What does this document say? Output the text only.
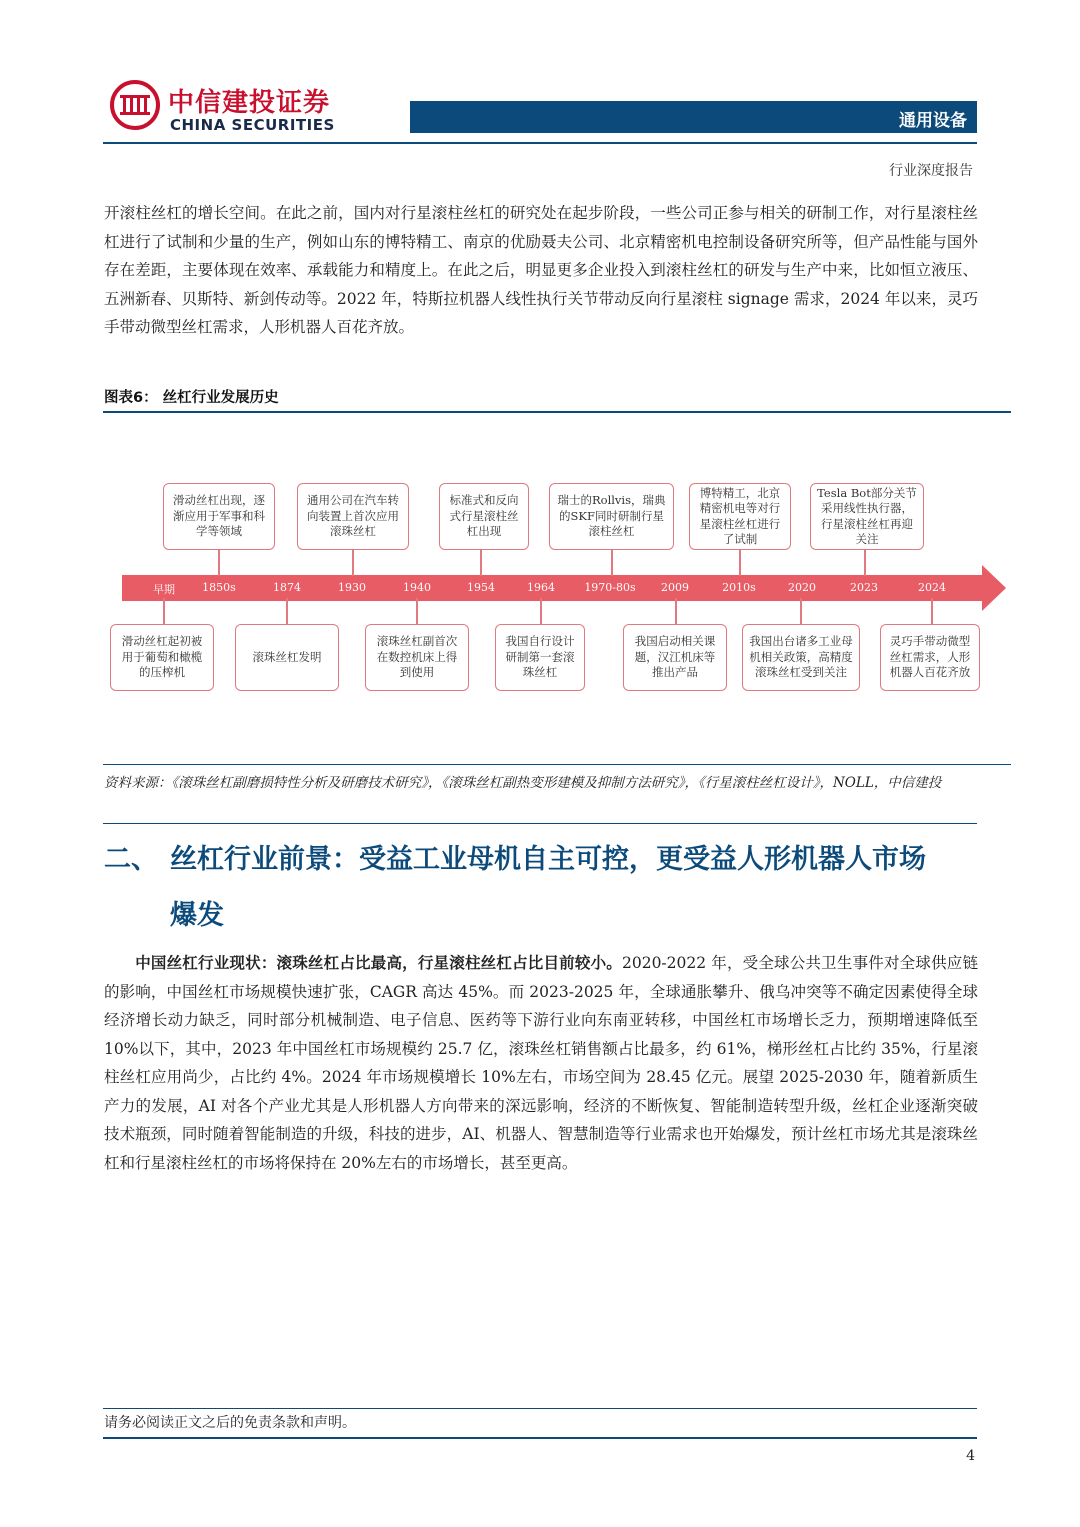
中信建投证券
CHINA SECURITIES	通用设备
行业深度报告
开滚柱丝杠的增长空间。在此之前，国内对行星滚柱丝杠的研究处在起步阶段，一些公司正参与相关的研制工作，对行星滚柱丝杠进行了试制和少量的生产，例如山东的博特精工、南京的优励聂夫公司、北京精密机电控制设备研究所等，但产品性能与国外存在差距，主要体现在效率、承载能力和精度上。在此之后，明显更多企业投入到滚柱丝杠的研发与生产中来，比如恒立液压、五洲新春、贝斯特、新剑传动等。2022 年，特斯拉机器人线性执行关节带动反向行星滚柱 signage 需求，2024 年以来，灵巧手带动微型丝杠需求，人形机器人百花齐放。
图表6： 丝杠行业发展历史
早期	1850s	1874	1930	1940	1954	1964	1970-80s	2009	2010s	2020	2023	2024
滑动丝杠出现，逐渐应用于军事和科学等领域
通用公司在汽车转向装置上首次应用滚珠丝杠
标准式和反向式行星滚柱丝杠出现
瑞士的Rollvis，瑞典的SKF同时研制行星滚柱丝杠
博特精工，北京精密机电等对行星滚柱丝杠进行了试制
Tesla Bot部分关节采用线性执行器，行星滚柱丝杠再迎关注
滑动丝杠起初被用于葡萄和橄榄的压榨机
滚珠丝杠发明
滚珠丝杠副首次在数控机床上得到使用
我国自行设计研制第一套滚珠丝杠
我国启动相关课题，汉江机床等推出产品
我国出台诸多工业母机相关政策，高精度滚珠丝杠受到关注
灵巧手带动微型丝杠需求，人形机器人百花齐放
资料来源：《滚珠丝杠副磨损特性分析及研磨技术研究》，《滚珠丝杠副热变形建模及抑制方法研究》，《行星滚柱丝杠设计》，NOLL，中信建投
二、 丝杠行业前景：受益工业母机自主可控，更受益人形机器人市场
爆发
中国丝杠行业现状：滚珠丝杠占比最高，行星滚柱丝杠占比目前较小。2020-2022 年，受全球公共卫生事件对全球供应链的影响，中国丝杠市场规模快速扩张，CAGR 高达 45%。而 2023-2025 年，全球通胀攀升、俄乌冲突等不确定因素使得全球经济增长动力缺乏，同时部分机械制造、电子信息、医药等下游行业向东南亚转移，中国丝杠市场增长乏力，预期增速降低至 10%以下，其中，2023 年中国丝杠市场规模约 25.7 亿，滚珠丝杠销售额占比最多，约 61%，梯形丝杠占比约 35%，行星滚柱丝杠应用尚少，占比约 4%。2024 年市场规模增长 10%左右，市场空间为 28.45 亿元。展望 2025-2030 年，随着新质生产力的发展，AI 对各个产业尤其是人形机器人方向带来的深远影响，经济的不断恢复、智能制造转型升级，丝杠企业逐渐突破技术瓶颈，同时随着智能制造的升级，科技的进步，AI、机器人、智慧制造等行业需求也开始爆发，预计丝杠市场尤其是滚珠丝杠和行星滚柱丝杠的市场将保持在 20%左右的市场增长，甚至更高。
请务必阅读正文之后的免责条款和声明。
4
